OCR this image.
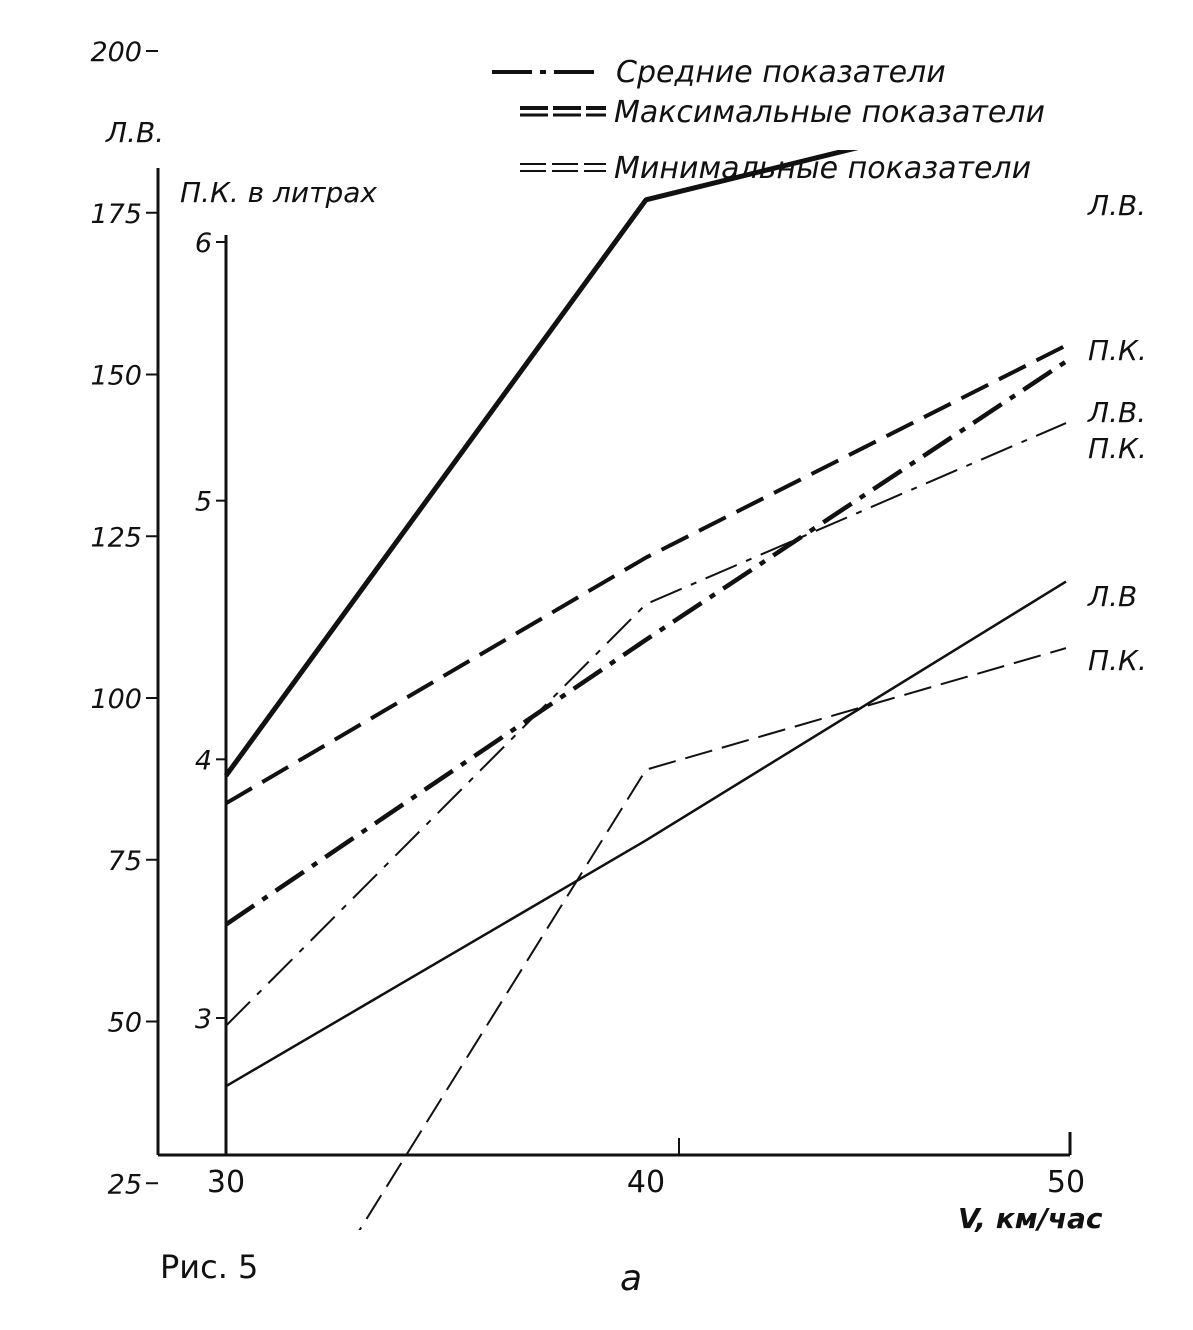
Л.В.
П.К. в литрах
V, км/час
Рис. 5	а
Средние показатели
Максимальные показатели
Минимальные показатели
25
50
75
100
125
150
175
200
3
4
5
6
30	40	50
Л.В.
П.К.
Л.В.
П.К.
Л.В
П.К.
